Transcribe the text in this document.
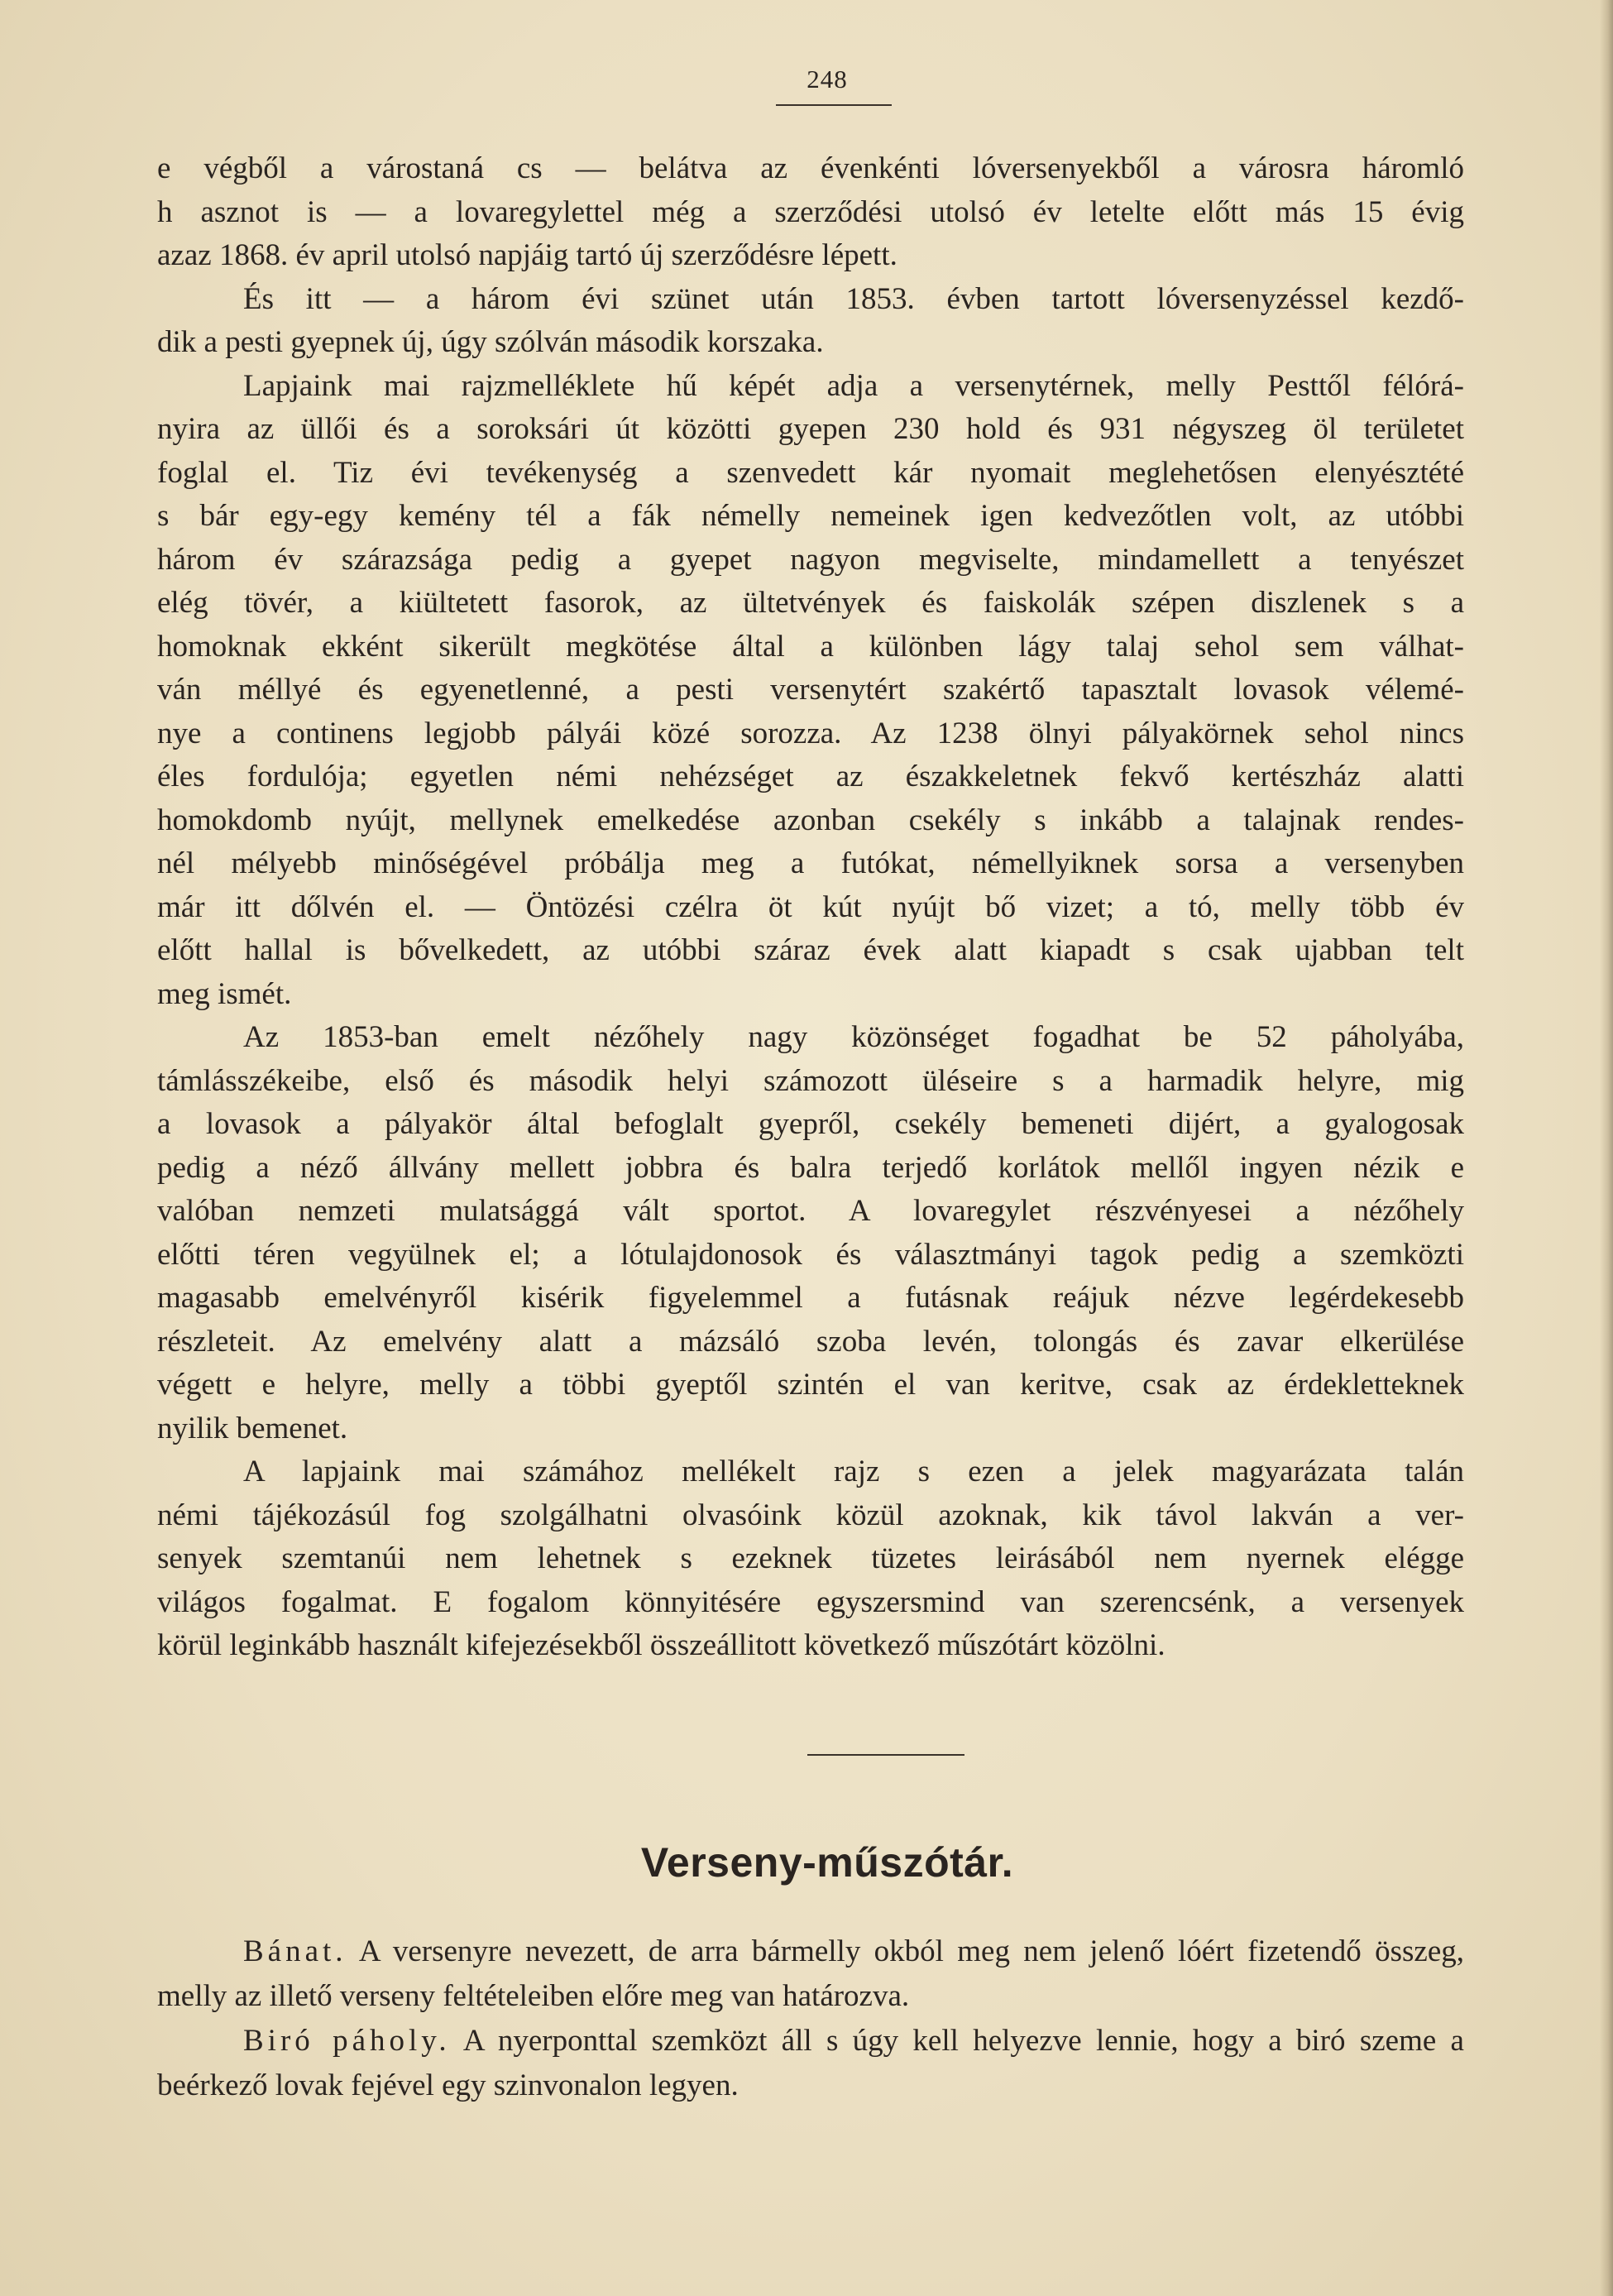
248

e végből a várostaná cs — belátva az évenkénti lóversenyekből a városra háromló

h asznot is — a lovaregylettel még a szerződési utolsó év letelte előtt más 15 évig

azaz 1868. év april utolsó napjáig tartó új szerződésre lépett.

És itt — a három évi szünet után 1853. évben tartott lóversenyzéssel kezdő-

dik a pesti gyepnek új, úgy szólván második korszaka.

Lapjaink mai rajzmelléklete hű képét adja a versenytérnek, melly Pesttől félórá-

nyira az üllői és a soroksári út közötti gyepen 230 hold és 931 négyszeg öl területet

foglal el. Tiz évi tevékenység a szenvedett kár nyomait meglehetősen elenyésztété

s bár egy-egy kemény tél a fák némelly nemeinek igen kedvezőtlen volt, az utóbbi

három év szárazsága pedig a gyepet nagyon megviselte, mindamellett a tenyészet

elég tövér, a kiültetett fasorok, az ültetvények és faiskolák szépen diszlenek s a

homoknak ekként sikerült megkötése által a különben lágy talaj sehol sem válhat-

ván méllyé és egyenetlenné, a pesti versenytért szakértő tapasztalt lovasok vélemé-

nye a continens legjobb pályái közé sorozza. Az 1238 ölnyi pályakörnek sehol nincs

éles fordulója; egyetlen némi nehézséget az északkeletnek fekvő kertészház alatti

homokdomb nyújt, mellynek emelkedése azonban csekély s inkább a talajnak rendes-

nél mélyebb minőségével próbálja meg a futókat, némellyiknek sorsa a versenyben

már itt dőlvén el. — Öntözési czélra öt kút nyújt bő vizet; a tó, melly több év

előtt hallal is bővelkedett, az utóbbi száraz évek alatt kiapadt s csak ujabban telt

meg ismét.

Az 1853-ban emelt nézőhely nagy közönséget fogadhat be 52 páholyába,

támlásszékeibe, első és második helyi számozott üléseire s a harmadik helyre, mig

a lovasok a pályakör által befoglalt gyepről, csekély bemeneti dijért, a gyalogosak

pedig a néző állvány mellett jobbra és balra terjedő korlátok mellől ingyen nézik e

valóban nemzeti mulatsággá vált sportot. A lovaregylet részvényesei a nézőhely

előtti téren vegyülnek el; a lótulajdonosok és választmányi tagok pedig a szemközti

magasabb emelvényről kisérik figyelemmel a futásnak reájuk nézve legérdekesebb

részleteit. Az emelvény alatt a mázsáló szoba levén, tolongás és zavar elkerülése

végett e helyre, melly a többi gyeptől szintén el van keritve, csak az érdekletteknek

nyilik bemenet.

A lapjaink mai számához mellékelt rajz s ezen a jelek magyarázata talán

némi tájékozásúl fog szolgálhatni olvasóink közül azoknak, kik távol lakván a ver-

senyek szemtanúi nem lehetnek s ezeknek tüzetes leirásából nem nyernek elégge

világos fogalmat. E fogalom könnyitésére egyszersmind van szerencsénk, a versenyek

körül leginkább használt kifejezésekből összeállitott következő műszótárt közölni.

Verseny-műszótár.

Bánat. A versenyre nevezett, de arra bármelly okból meg nem jelenő lóért fizetendő összeg, melly az illető verseny feltételeiben előre meg van határozva.

Biró páholy. A nyerponttal szemközt áll s úgy kell helyezve lennie, hogy a biró szeme a beérkező lovak fejével egy szinvonalon legyen.
